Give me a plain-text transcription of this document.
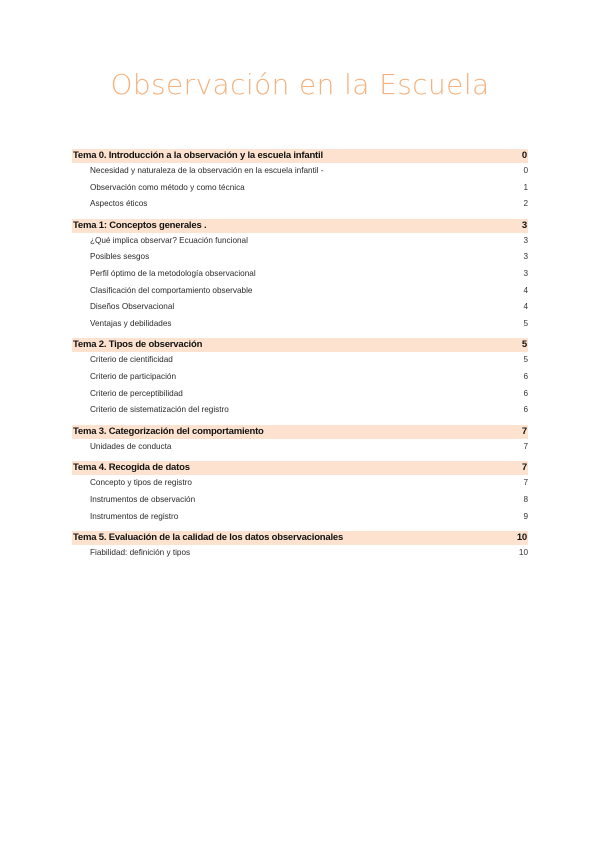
Observación en la Escuela
Tema 0. Introducción a la observación y la escuela infantil	0
Necesidad y naturaleza de la observación en la escuela infantil -	0
Observación como método y como técnica	1
Aspectos éticos	2
Tema 1: Conceptos generales .	3
¿Qué implica observar? Ecuación funcional	3
Posibles sesgos	3
Perfil óptimo de la metodología observacional	3
Clasificación del comportamiento observable	4
Diseños Observacional	4
Ventajas y debilidades	5
Tema 2. Tipos de observación	5
Criterio de cientificidad	5
Criterio de participación	6
Criterio de perceptibilidad	6
Criterio de sistematización del registro	6
Tema 3. Categorización del comportamiento	7
Unidades de conducta	7
Tema 4. Recogida de datos	7
Concepto y tipos de registro	7
Instrumentos de observación	8
Instrumentos de registro	9
Tema 5. Evaluación de la calidad de los datos observacionales	10
Fiabilidad: definición y tipos	10
